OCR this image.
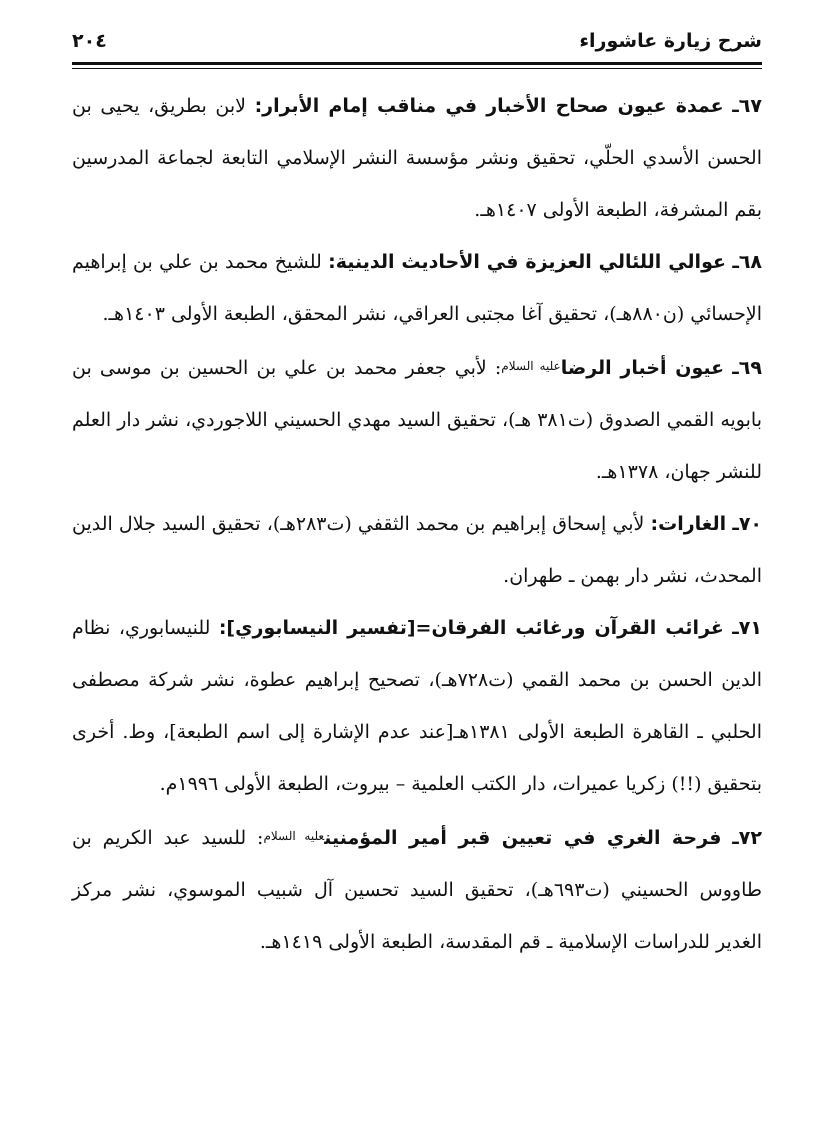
شرح زيارة عاشوراء
٢٠٤

٦٧ـ عمدة عيون صحاح الأخبار في مناقب إمام الأبرار: لابن بطريق، يحيى بن الحسن الأسدي الحلّي، تحقيق ونشر مؤسسة النشر الإسلامي التابعة لجماعة المدرسين بقم المشرفة، الطبعة الأولى ١٤٠٧هـ.

٦٨ـ عوالي اللئالي العزيزة في الأحاديث الدينية: للشيخ محمد بن علي بن إبراهيم الإحسائي (ن٨٨٠هـ)، تحقيق آغا مجتبى العراقي، نشر المحقق، الطبعة الأولى ١٤٠٣هـ.

٦٩ـ عيون أخبار الرضا$^{عليه السلام}$: لأبي جعفر محمد بن علي بن الحسين بن موسى بن بابويه القمي الصدوق (ت٣٨١ هـ)، تحقيق السيد مهدي الحسيني اللاجوردي، نشر دار العلم للنشر جهان، ١٣٧٨هـ.

٧٠ـ الغارات: لأبي إسحاق إبراهيم بن محمد الثقفي (ت٢٨٣هـ)، تحقيق السيد جلال الدين المحدث، نشر دار بهمن ـ طهران.

٧١ـ غرائب القرآن ورغائب الفرقان=[تفسير النيسابوري]: للنيسابوري، نظام الدين الحسن بن محمد القمي (ت٧٢٨هـ)، تصحيح إبراهيم عطوة، نشر شركة مصطفى الحلبي ـ القاهرة الطبعة الأولى ١٣٨١هـ[عند عدم الإشارة إلى اسم الطبعة]، وط. أخرى بتحقيق (!!) زكريا عميرات، دار الكتب العلمية – بيروت، الطبعة الأولى ١٩٩٦م.

٧٢ـ فرحة الغري في تعيين قبر أمير المؤمنين$^{عليه السلام}$: للسيد عبد الكريم بن طاووس الحسيني (ت٦٩٣هـ)، تحقيق السيد تحسين آل شبيب الموسوي، نشر مركز الغدير للدراسات الإسلامية ـ قم المقدسة، الطبعة الأولى ١٤١٩هـ.
